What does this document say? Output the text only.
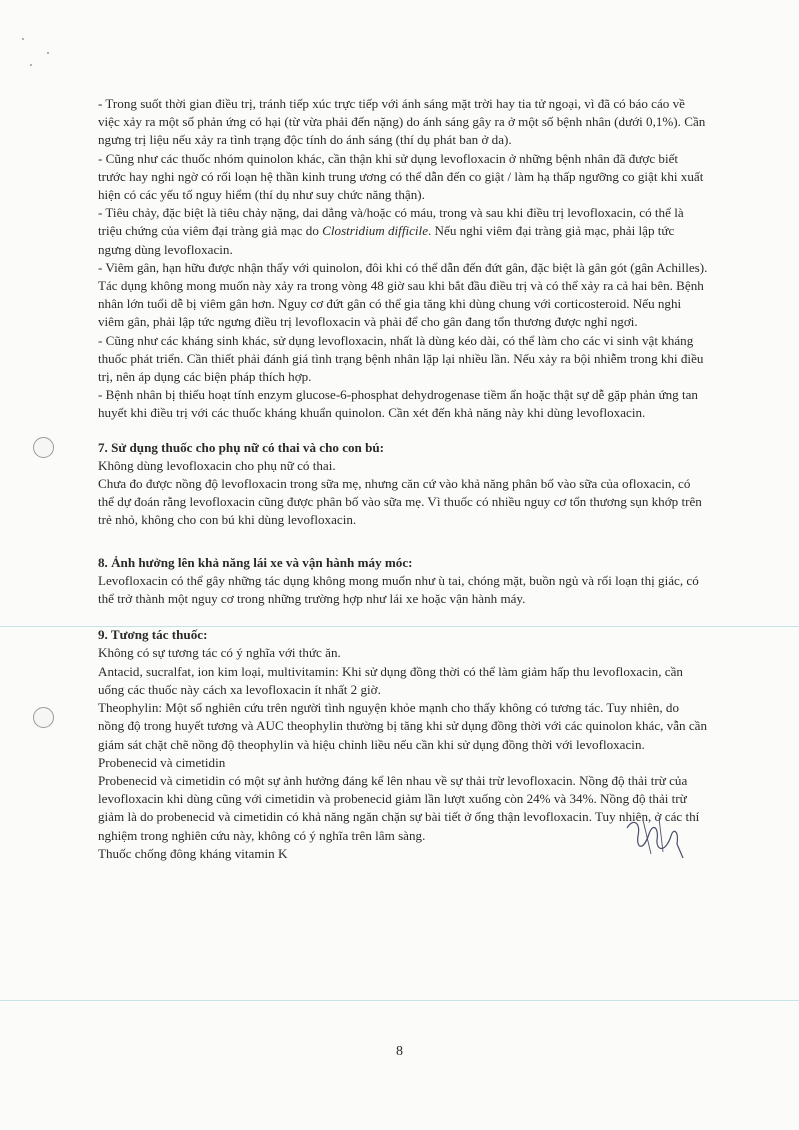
- Trong suốt thời gian điều trị, tránh tiếp xúc trực tiếp với ánh sáng mặt trời hay tia tử ngoại, vì đã có báo cáo về việc xảy ra một số phản ứng có hại (từ vừa phải đến nặng) do ánh sáng gây ra ở một số bệnh nhân (dưới 0,1%). Cần ngưng trị liệu nếu xảy ra tình trạng độc tính do ánh sáng (thí dụ phát ban ở da).

- Cũng như các thuốc nhóm quinolon khác, cần thận khi sử dụng levofloxacin ở những bệnh nhân đã được biết trước hay nghi ngờ có rối loạn hệ thần kinh trung ương có thể dẫn đến co giật / làm hạ thấp ngưỡng co giật khi xuất hiện có các yếu tố nguy hiểm (thí dụ như suy chức năng thận).

- Tiêu chảy, đặc biệt là tiêu chảy nặng, dai dẳng và/hoặc có máu, trong và sau khi điều trị levofloxacin, có thể là triệu chứng của viêm đại tràng giả mạc do Clostridium difficile. Nếu nghi viêm đại tràng giả mạc, phải lập tức ngưng dùng levofloxacin.

- Viêm gân, hạn hữu được nhận thấy với quinolon, đôi khi có thể dẫn đến đứt gân, đặc biệt là gân gót (gân Achilles). Tác dụng không mong muốn này xảy ra trong vòng 48 giờ sau khi bắt đầu điều trị và có thể xảy ra cả hai bên. Bệnh nhân lớn tuổi dễ bị viêm gân hơn. Nguy cơ đứt gân có thể gia tăng khi dùng chung với corticosteroid. Nếu nghi viêm gân, phải lập tức ngưng điều trị levofloxacin và phải để cho gân đang tổn thương được nghỉ ngơi.

- Cũng như các kháng sinh khác, sử dụng levofloxacin, nhất là dùng kéo dài, có thể làm cho các vi sinh vật kháng thuốc phát triển. Cần thiết phải đánh giá tình trạng bệnh nhân lặp lại nhiều lần. Nếu xảy ra bội nhiễm trong khi điều trị, nên áp dụng các biện pháp thích hợp.

- Bệnh nhân bị thiếu hoạt tính enzym glucose-6-phosphat dehydrogenase tiềm ẩn hoặc thật sự dễ gặp phản ứng tan huyết khi điều trị với các thuốc kháng khuẩn quinolon. Cần xét đến khả năng này khi dùng levofloxacin.

7. Sử dụng thuốc cho phụ nữ có thai và cho con bú:

Không dùng levofloxacin cho phụ nữ có thai.

Chưa đo được nồng độ levofloxacin trong sữa mẹ, nhưng căn cứ vào khả năng phân bố vào sữa của ofloxacin, có thể dự đoán rằng levofloxacin cũng được phân bố vào sữa mẹ. Vì thuốc có nhiều nguy cơ tổn thương sụn khớp trên trẻ nhỏ, không cho con bú khi dùng levofloxacin.

8. Ảnh hưởng lên khả năng lái xe và vận hành máy móc:

Levofloxacin có thể gây những tác dụng không mong muốn như ù tai, chóng mặt, buồn ngủ và rối loạn thị giác, có thể trở thành một nguy cơ trong những trường hợp như lái xe hoặc vận hành máy.

9. Tương tác thuốc:

Không có sự tương tác có ý nghĩa với thức ăn.

Antacid, sucralfat, ion kim loại, multivitamin: Khi sử dụng đồng thời có thể làm giảm hấp thu levofloxacin, cần uống các thuốc này cách xa levofloxacin ít nhất 2 giờ.

Theophylin: Một số nghiên cứu trên người tình nguyện khỏe mạnh cho thấy không có tương tác. Tuy nhiên, do nồng độ trong huyết tương và AUC theophylin thường bị tăng khi sử dụng đồng thời với các quinolon khác, vẫn cần giám sát chặt chẽ nồng độ theophylin và hiệu chỉnh liều nếu cần khi sử dụng đồng thời với levofloxacin.

Probenecid và cimetidin

Probenecid và cimetidin có một sự ảnh hưởng đáng kể lên nhau về sự thải trừ levofloxacin. Nồng độ thải trừ của levofloxacin khi dùng cũng với cimetidin và probenecid giảm lần lượt xuống còn 24% và 34%. Nồng độ thải trừ giảm là do probenecid và cimetidin có khả năng ngăn chặn sự bài tiết ở ống thận levofloxacin. Tuy nhiên, ở các thí nghiệm trong nghiên cứu này, không có ý nghĩa trên lâm sàng.

Thuốc chống đông kháng vitamin K

8
